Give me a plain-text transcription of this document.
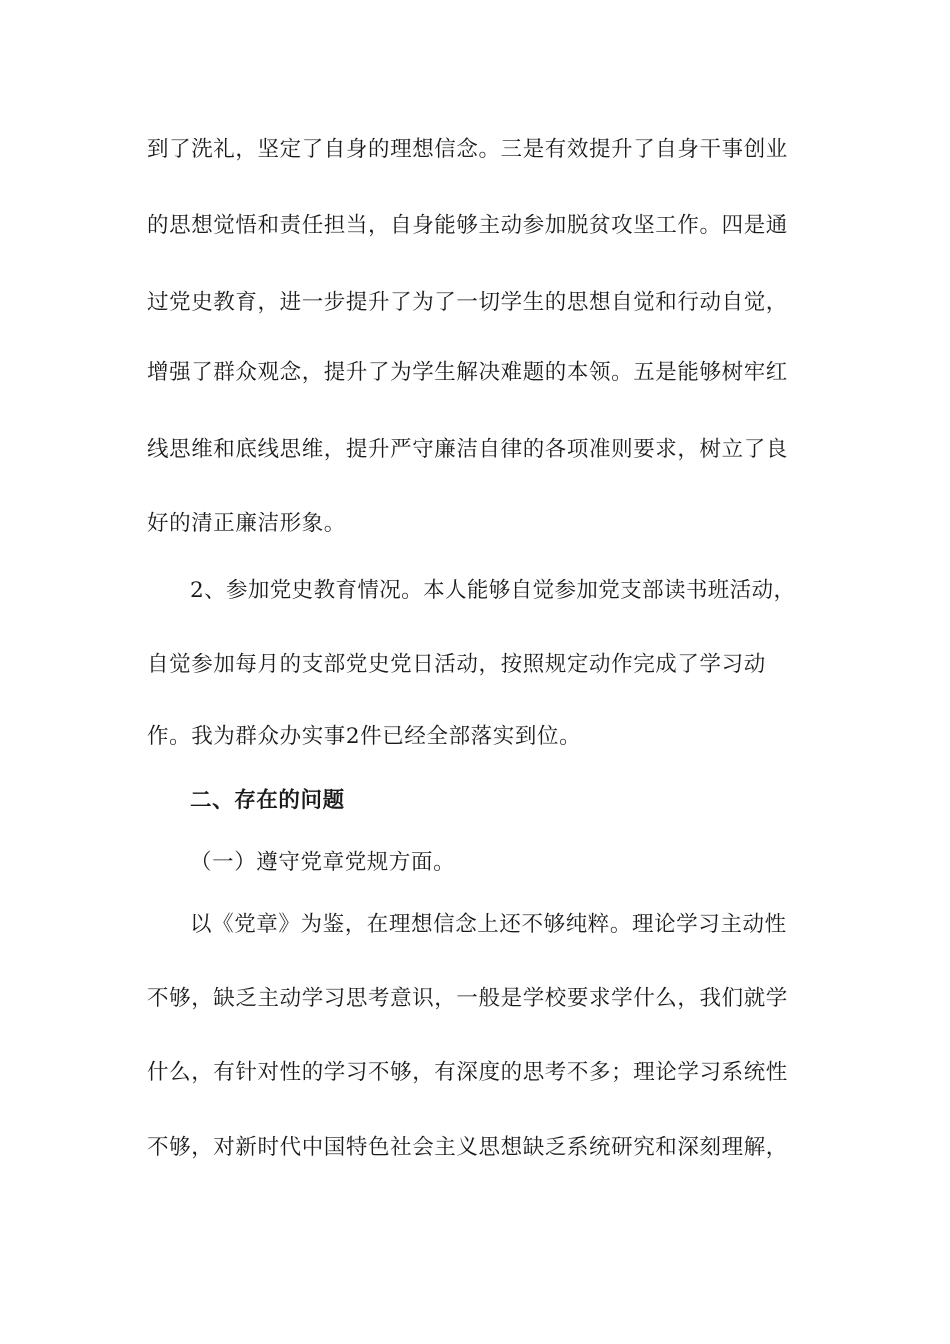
到了洗礼，坚定了自身的理想信念。三是有效提升了自身干事创业
的思想觉悟和责任担当，自身能够主动参加脱贫攻坚工作。四是通
过党史教育，进一步提升了为了一切学生的思想自觉和行动自觉，
增强了群众观念，提升了为学生解决难题的本领。五是能够树牢红
线思维和底线思维，提升严守廉洁自律的各项准则要求，树立了良
好的清正廉洁形象。
2、参加党史教育情况。本人能够自觉参加党支部读书班活动，
自觉参加每月的支部党史党日活动，按照规定动作完成了学习动
作。我为群众办实事2件已经全部落实到位。
二、存在的问题
（一）遵守党章党规方面。
以《党章》为鉴，在理想信念上还不够纯粹。理论学习主动性
不够，缺乏主动学习思考意识，一般是学校要求学什么，我们就学
什么，有针对性的学习不够，有深度的思考不多；理论学习系统性
不够，对新时代中国特色社会主义思想缺乏系统研究和深刻理解，
